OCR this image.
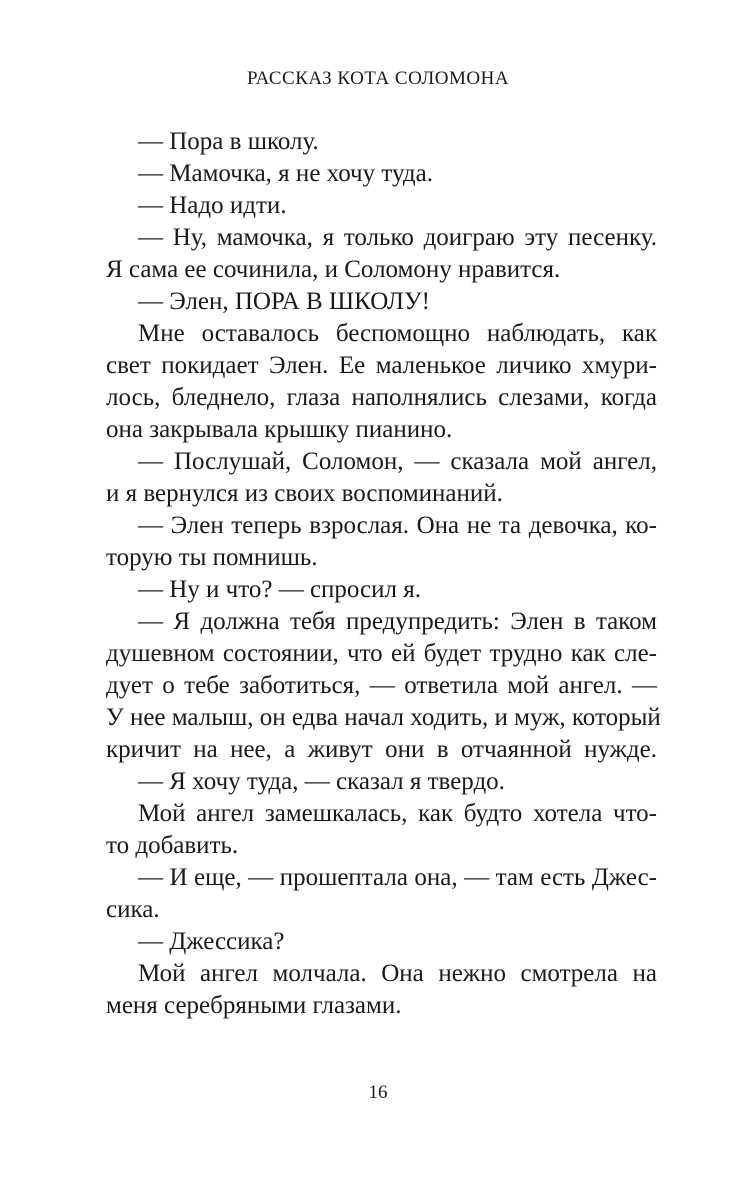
РАССКАЗ КОТА СОЛОМОНА
— Пора в школу.
— Мамочка, я не хочу туда.
— Надо идти.
— Ну, мамочка, я только доиграю эту песенку.
Я сама ее сочинила, и Соломону нравится.
— Элен, ПОРА В ШКОЛУ!
Мне оставалось беспомощно наблюдать, как
свет покидает Элен. Ее маленькое личико хмури-
лось, бледнело, глаза наполнялись слезами, когда
она закрывала крышку пианино.
— Послушай, Соломон, — сказала мой ангел,
и я вернулся из своих воспоминаний.
— Элен теперь взрослая. Она не та девочка, ко-
торую ты помнишь.
— Ну и что? — спросил я.
— Я должна тебя предупредить: Элен в таком
душевном состоянии, что ей будет трудно как сле-
дует о тебе заботиться, — ответила мой ангел. —
У нее малыш, он едва начал ходить, и муж, который
кричит на нее, а живут они в отчаянной нужде.
— Я хочу туда, — сказал я твердо.
Мой ангел замешкалась, как будто хотела что-
то добавить.
— И еще, — прошептала она, — там есть Джес-
сика.
— Джессика?
Мой ангел молчала. Она нежно смотрела на
меня серебряными глазами.
16
